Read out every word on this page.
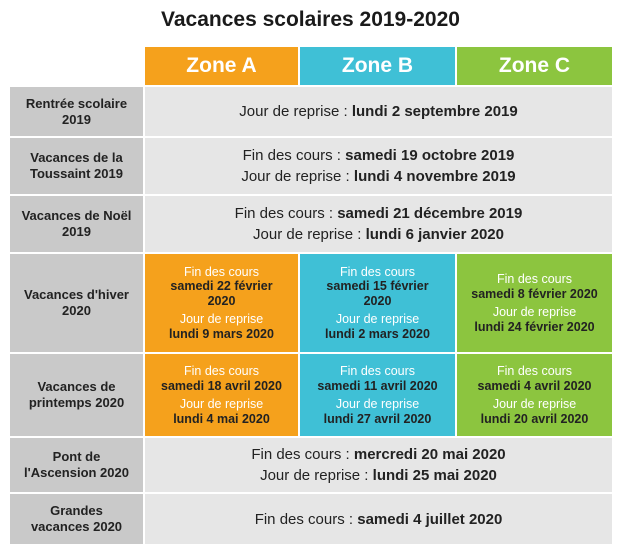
Vacances scolaires 2019-2020
	Zone A	Zone B	Zone C

Rentrée scolaire
2019	Jour de reprise : lundi 2 septembre 2019		

Vacances de la
Toussaint 2019	Fin des cours : samedi 19 octobre 2019
Jour de reprise : lundi 4 novembre 2019		

Vacances de Noël
2019	Fin des cours : samedi 21 décembre 2019
Jour de reprise : lundi 6 janvier 2020		

Vacances d'hiver
2020	Fin des cours
samedi 22 février
2020
Jour de reprise
lundi 9 mars 2020	Fin des cours
samedi 15 février
2020
Jour de reprise
lundi 2 mars 2020	Fin des cours
samedi 8 février 2020
Jour de reprise
lundi 24 février 2020

Vacances de
printemps 2020	Fin des cours
samedi 18 avril 2020
Jour de reprise
lundi 4 mai 2020	Fin des cours
samedi 11 avril 2020
Jour de reprise
lundi 27 avril 2020	Fin des cours
samedi 4 avril 2020
Jour de reprise
lundi 20 avril 2020

Pont de
l'Ascension 2020	Fin des cours : mercredi 20 mai 2020
Jour de reprise : lundi 25 mai 2020		

Grandes
vacances 2020	Fin des cours : samedi 4 juillet 2020		
